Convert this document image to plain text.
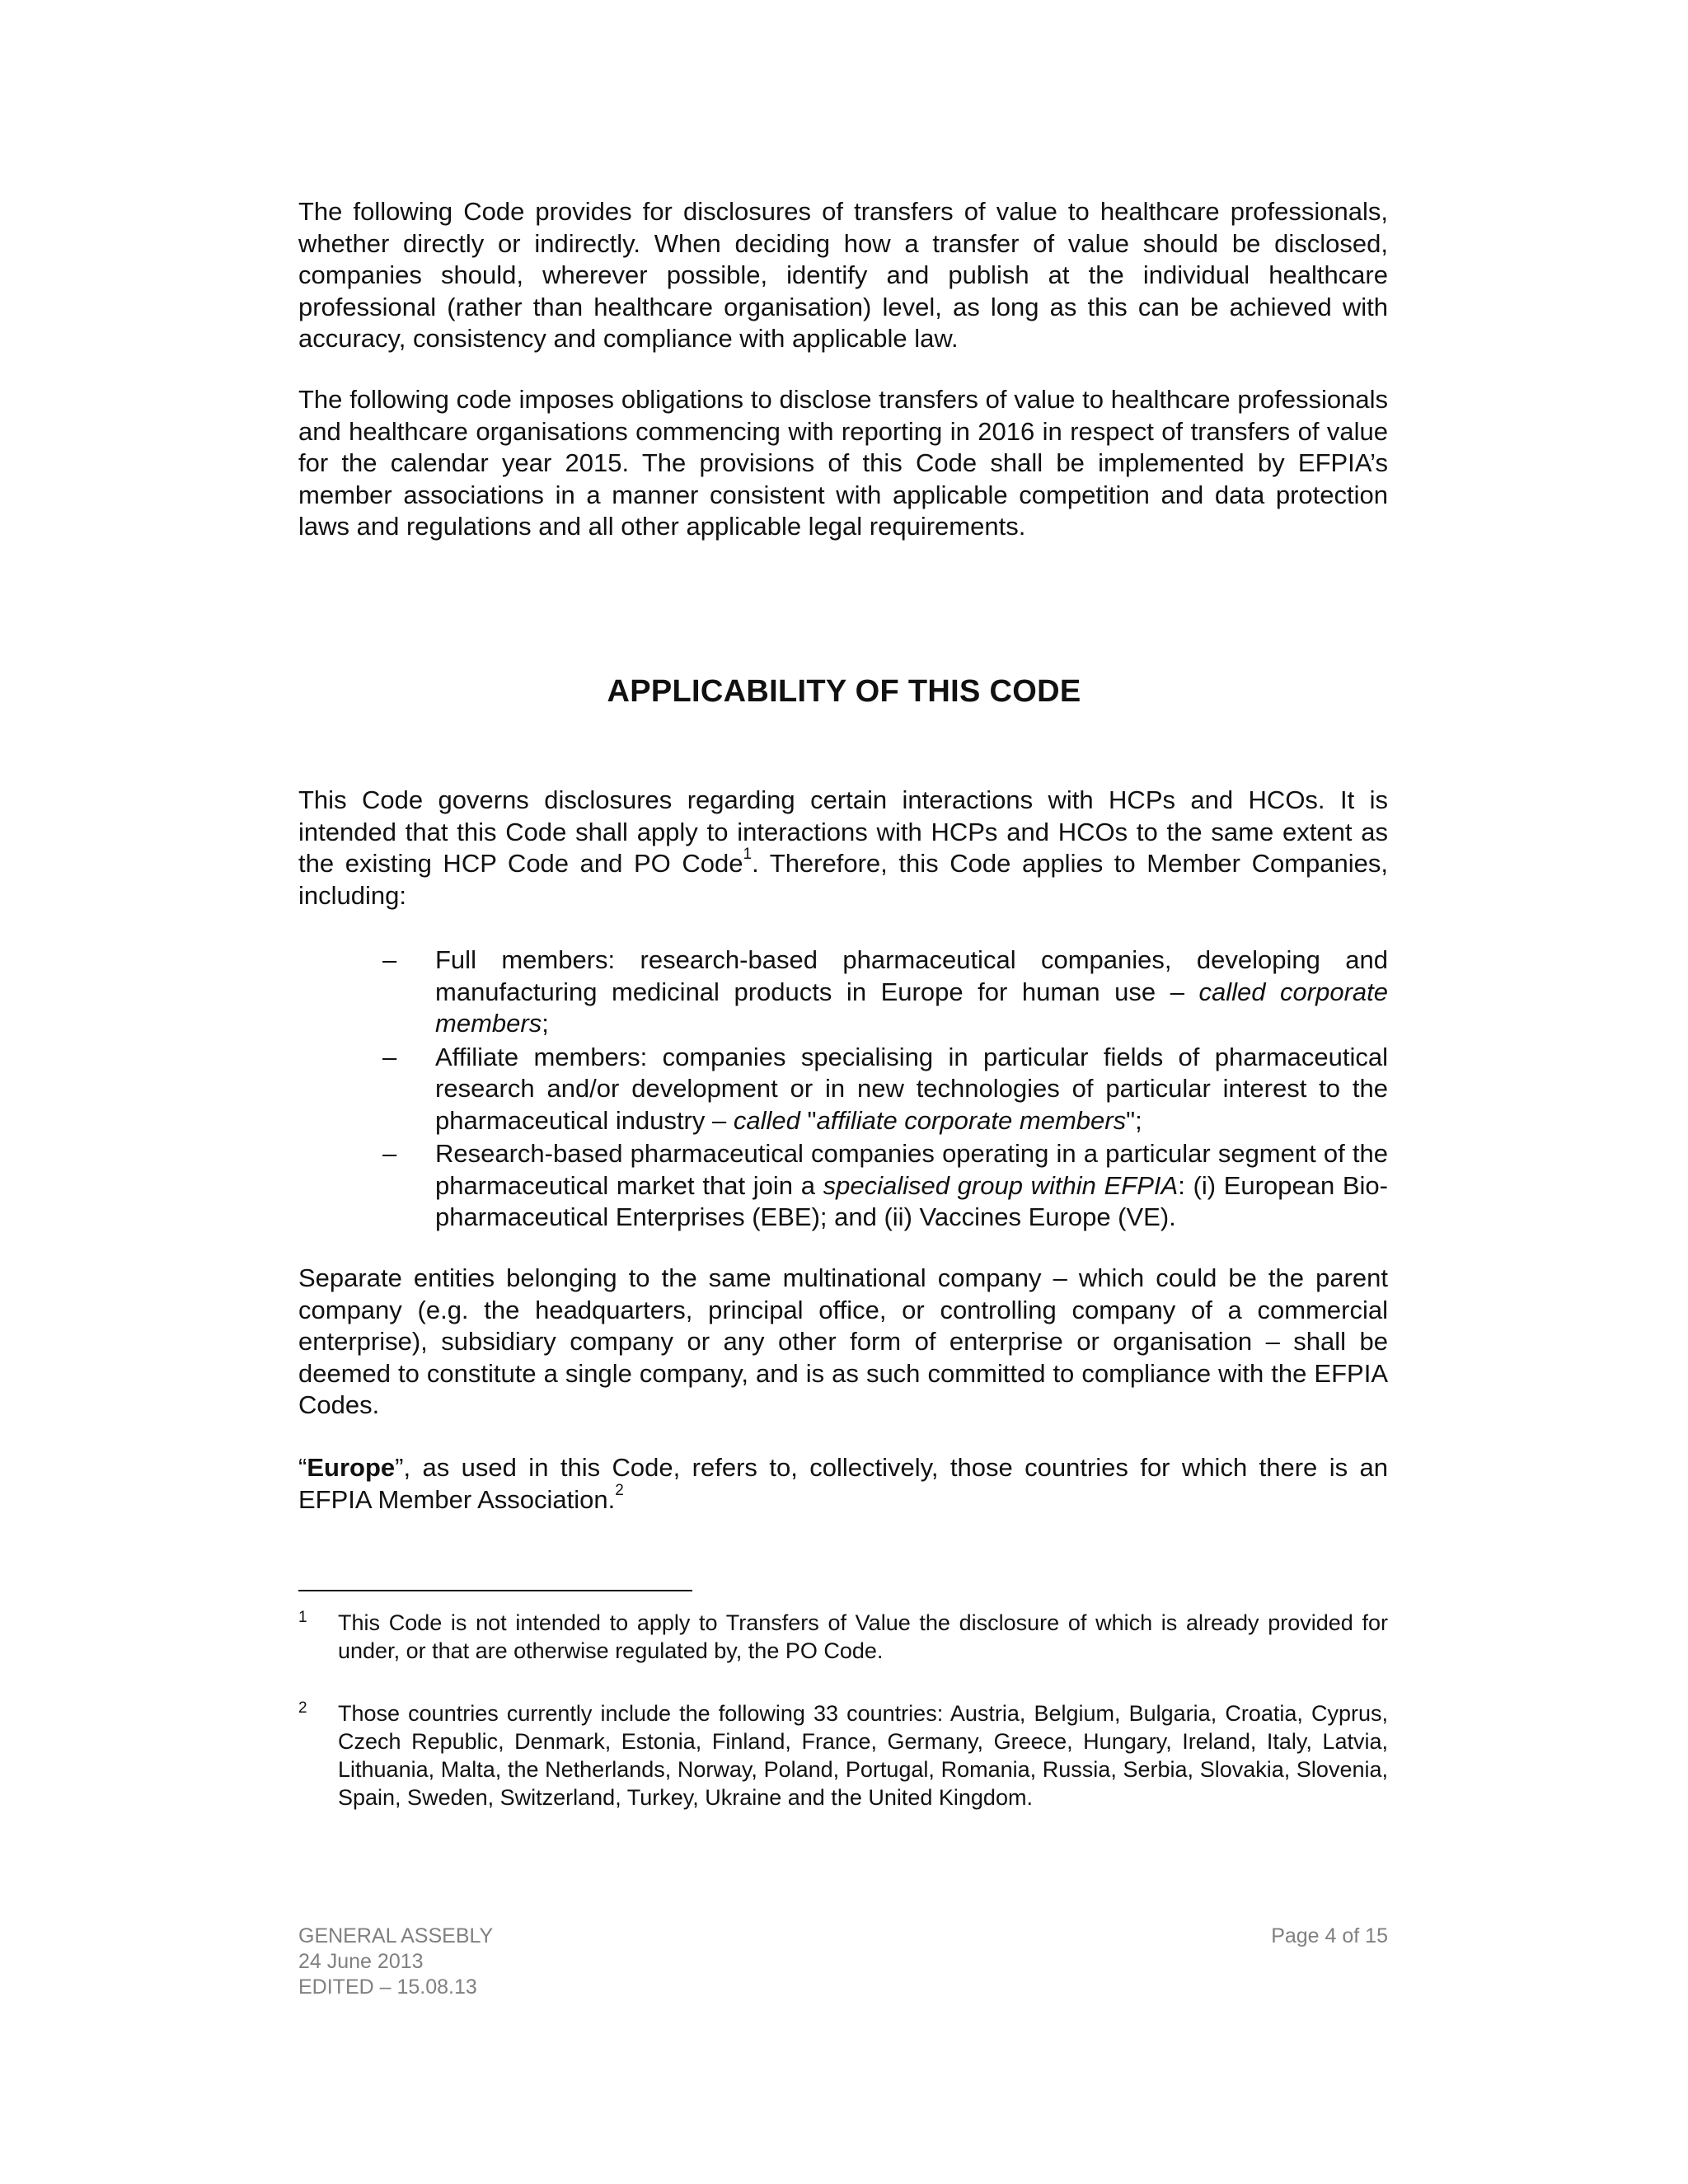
The following Code provides for disclosures of transfers of value to healthcare professionals, whether directly or indirectly. When deciding how a transfer of value should be disclosed, companies should, wherever possible, identify and publish at the individual healthcare professional (rather than healthcare organisation) level, as long as this can be achieved with accuracy, consistency and compliance with applicable law.

The following code imposes obligations to disclose transfers of value to healthcare professionals and healthcare organisations commencing with reporting in 2016 in respect of transfers of value for the calendar year 2015. The provisions of this Code shall be implemented by EFPIA’s member associations in a manner consistent with applicable competition and data protection laws and regulations and all other applicable legal requirements.

APPLICABILITY OF THIS CODE

This Code governs disclosures regarding certain interactions with HCPs and HCOs. It is intended that this Code shall apply to interactions with HCPs and HCOs to the same extent as the existing HCP Code and PO Code$^1$. Therefore, this Code applies to Member Companies, including:

– Full members: research-based pharmaceutical companies, developing and manufacturing medicinal products in Europe for human use – called corporate members;
– Affiliate members: companies specialising in particular fields of pharmaceutical research and/or development or in new technologies of particular interest to the pharmaceutical industry – called "affiliate corporate members";
– Research-based pharmaceutical companies operating in a particular segment of the pharmaceutical market that join a specialised group within EFPIA: (i) European Bio-pharmaceutical Enterprises (EBE); and (ii) Vaccines Europe (VE).

Separate entities belonging to the same multinational company – which could be the parent company (e.g. the headquarters, principal office, or controlling company of a commercial enterprise), subsidiary company or any other form of enterprise or organisation – shall be deemed to constitute a single company, and is as such committed to compliance with the EFPIA Codes.

“Europe”, as used in this Code, refers to, collectively, those countries for which there is an EFPIA Member Association.$^2$

1 This Code is not intended to apply to Transfers of Value the disclosure of which is already provided for under, or that are otherwise regulated by, the PO Code.
2 Those countries currently include the following 33 countries: Austria, Belgium, Bulgaria, Croatia, Cyprus, Czech Republic, Denmark, Estonia, Finland, France, Germany, Greece, Hungary, Ireland, Italy, Latvia, Lithuania, Malta, the Netherlands, Norway, Poland, Portugal, Romania, Russia, Serbia, Slovakia, Slovenia, Spain, Sweden, Switzerland, Turkey, Ukraine and the United Kingdom.
GENERAL ASSEBLY
24 June 2013
EDITED – 15.08.13
Page 4 of 15
